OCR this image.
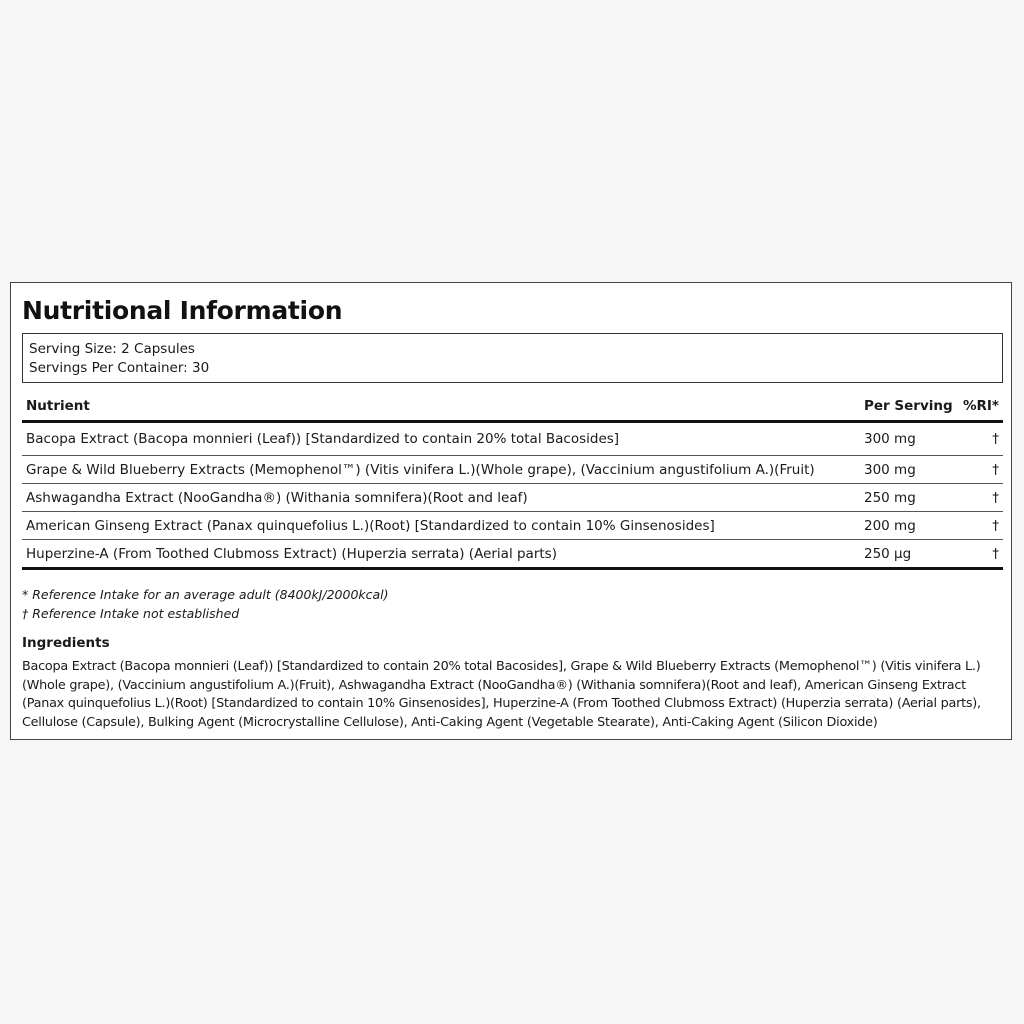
Nutritional Information
Serving Size: 2 Capsules
Servings Per Container: 30
Nutrient	Per Serving %RI*
Bacopa Extract (Bacopa monnieri (Leaf)) [Standardized to contain 20% total Bacosides]	300 mg	†
Grape & Wild Blueberry Extracts (Memophenol™) (Vitis vinifera L.)(Whole grape), (Vaccinium angustifolium A.)(Fruit)	300 mg	†
Ashwagandha Extract (NooGandha®) (Withania somnifera)(Root and leaf)	250 mg	†
American Ginseng Extract (Panax quinquefolius L.)(Root) [Standardized to contain 10% Ginsenosides]	200 mg	†
Huperzine-A (From Toothed Clubmoss Extract) (Huperzia serrata) (Aerial parts)	250 µg	†
* Reference Intake for an average adult (8400kJ/2000kcal)
† Reference Intake not established
Ingredients

Bacopa Extract (Bacopa monnieri (Leaf)) [Standardized to contain 20% total Bacosides], Grape & Wild Blueberry Extracts (Memophenol™) (Vitis vinifera L.) (Whole grape), (Vaccinium angustifolium A.)(Fruit), Ashwagandha Extract (NooGandha®) (Withania somnifera)(Root and leaf), American Ginseng Extract (Panax quinquefolius L.)(Root) [Standardized to contain 10% Ginsenosides], Huperzine-A (From Toothed Clubmoss Extract) (Huperzia serrata) (Aerial parts), Cellulose (Capsule), Bulking Agent (Microcrystalline Cellulose), Anti-Caking Agent (Vegetable Stearate), Anti-Caking Agent (Silicon Dioxide)
